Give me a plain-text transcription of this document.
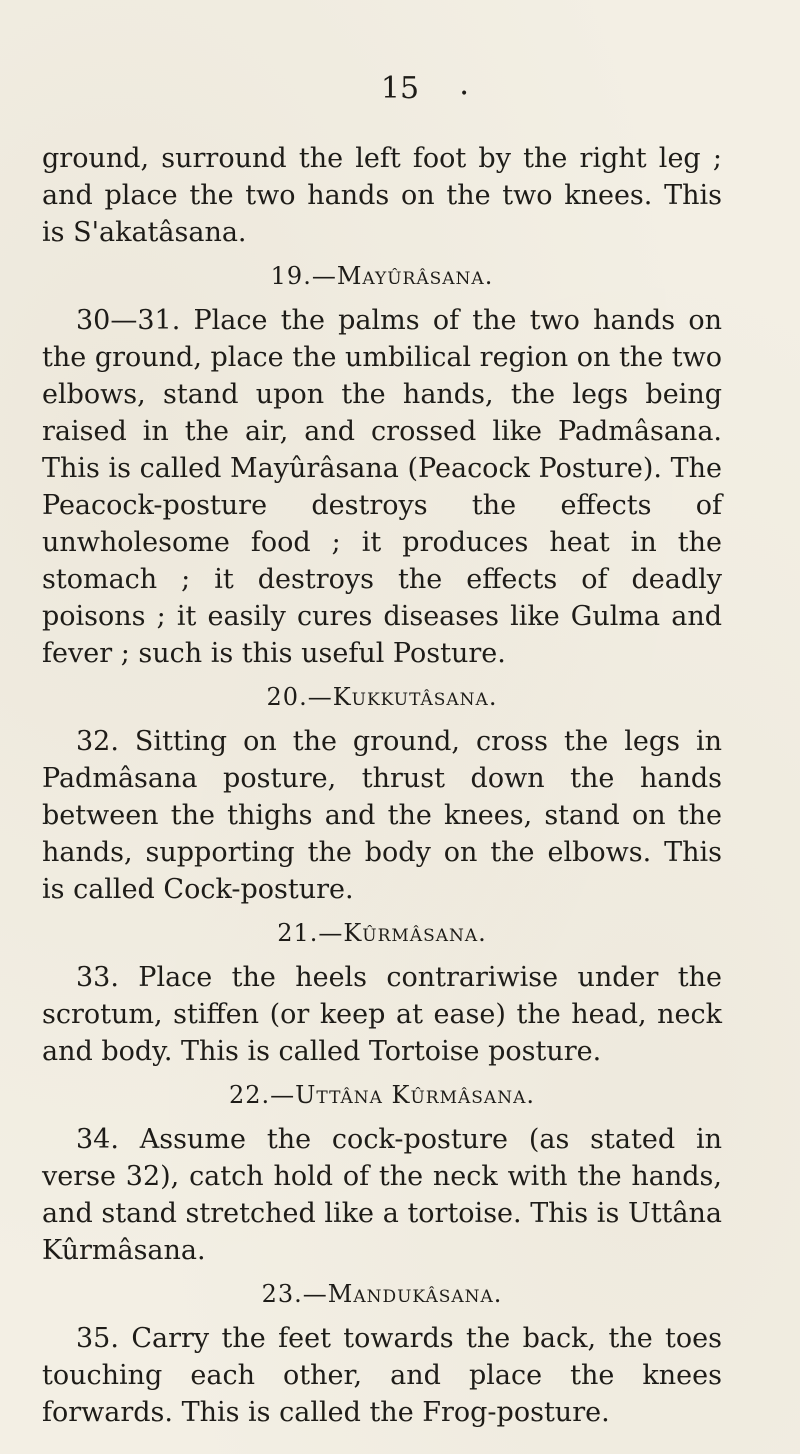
15	•

ground, surround the left foot by the right leg ; and place the two hands on the two knees. This is S'akatâsana.

19.—Mayûrâsana.

30—31. Place the palms of the two hands on the ground, place the umbilical region on the two elbows, stand upon the hands, the legs being raised in the air, and crossed like Padmâsana. This is called Mayûrâsana (Peacock Posture). The Peacock-posture destroys the effects of unwholesome food ; it produces heat in the stomach ; it destroys the effects of deadly poisons ; it easily cures diseases like Gulma and fever ; such is this useful Posture.

20.—Kukkutâsana.

32. Sitting on the ground, cross the legs in Padmâsana posture, thrust down the hands between the thighs and the knees, stand on the hands, supporting the body on the elbows. This is called Cock-posture.

21.—Kûrmâsana.

33. Place the heels contrariwise under the scrotum, stiffen (or keep at ease) the head, neck and body. This is called Tortoise posture.

22.—Uttâna Kûrmâsana.

34. Assume the cock-posture (as stated in verse 32), catch hold of the neck with the hands, and stand stretched like a tortoise. This is Uttâna Kûrmâsana.

23.—Mandukâsana.

35. Carry the feet towards the back, the toes touching each other, and place the knees forwards. This is called the Frog-posture.
